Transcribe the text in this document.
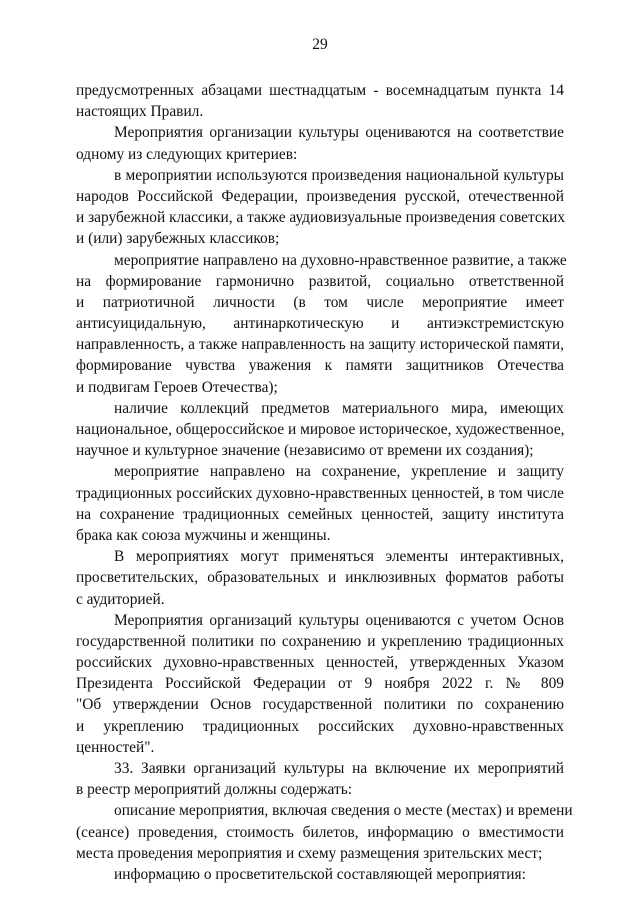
29
предусмотренных абзацами шестнадцатым - восемнадцатым пункта 14
настоящих Правил.
Мероприятия организации культуры оцениваются на соответствие
одному из следующих критериев:
в мероприятии используются произведения национальной культуры
народов Российской Федерации, произведения русской, отечественной
и зарубежной классики, а также аудиовизуальные произведения советских
и (или) зарубежных классиков;
мероприятие направлено на духовно-нравственное развитие, а также
на формирование гармонично развитой, социально ответственной
и патриотичной личности (в том числе мероприятие имеет
антисуицидальную, антинаркотическую и антиэкстремистскую
направленность, а также направленность на защиту исторической памяти,
формирование чувства уважения к памяти защитников Отечества
и подвигам Героев Отечества);
наличие коллекций предметов материального мира, имеющих
национальное, общероссийское и мировое историческое, художественное,
научное и культурное значение (независимо от времени их создания);
мероприятие направлено на сохранение, укрепление и защиту
традиционных российских духовно-нравственных ценностей, в том числе
на сохранение традиционных семейных ценностей, защиту института
брака как союза мужчины и женщины.
В мероприятиях могут применяться элементы интерактивных,
просветительских, образовательных и инклюзивных форматов работы
с аудиторией.
Мероприятия организаций культуры оцениваются с учетом Основ
государственной политики по сохранению и укреплению традиционных
российских духовно-нравственных ценностей, утвержденных Указом
Президента Российской Федерации от 9 ноября 2022 г. № 809
"Об утверждении Основ государственной политики по сохранению
и укреплению традиционных российских духовно-нравственных
ценностей".
33. Заявки организаций культуры на включение их мероприятий
в реестр мероприятий должны содержать:
описание мероприятия, включая сведения о месте (местах) и времени
(сеансе) проведения, стоимость билетов, информацию о вместимости
места проведения мероприятия и схему размещения зрительских мест;
информацию о просветительской составляющей мероприятия:
